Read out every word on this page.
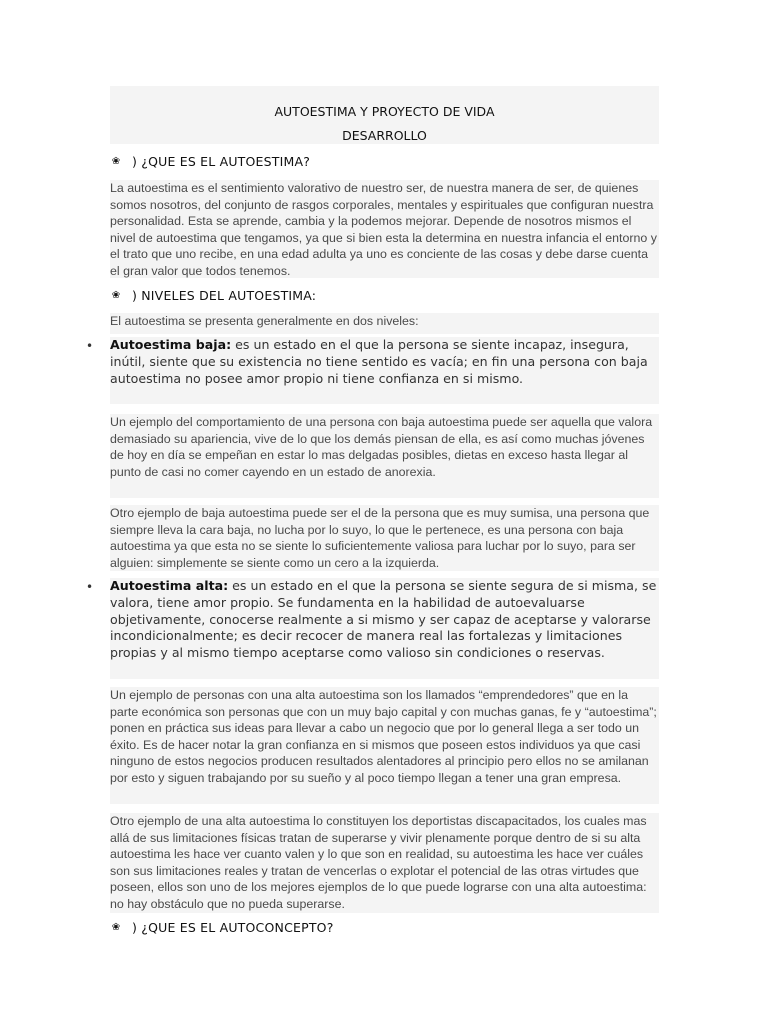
AUTOESTIMA Y PROYECTO DE VIDA
DESARROLLO
❀ ) ¿QUE ES EL AUTOESTIMA?

La autoestima es el sentimiento valorativo de nuestro ser, de nuestra manera de ser, de quienes somos nosotros, del conjunto de rasgos corporales, mentales y espirituales que configuran nuestra personalidad. Esta se aprende, cambia y la podemos mejorar. Depende de nosotros mismos el nivel de autoestima que tengamos, ya que si bien esta la determina en nuestra infancia el entorno y el trato que uno recibe, en una edad adulta ya uno es conciente de las cosas y debe darse cuenta el gran valor que todos tenemos.

❀ ) NIVELES DEL AUTOESTIMA:

El autoestima se presenta generalmente en dos niveles:

• Autoestima baja: es un estado en el que la persona se siente incapaz, insegura, inútil, siente que su existencia no tiene sentido es vacía; en fin una persona con baja autoestima no posee amor propio ni tiene confianza en si mismo.

Un ejemplo del comportamiento de una persona con baja autoestima puede ser aquella que valora demasiado su apariencia, vive de lo que los demás piensan de ella, es así como muchas jóvenes de hoy en día se empeñan en estar lo mas delgadas posibles, dietas en exceso hasta llegar al punto de casi no comer cayendo en un estado de anorexia.

Otro ejemplo de baja autoestima puede ser el de la persona que es muy sumisa, una persona que siempre lleva la cara baja, no lucha por lo suyo, lo que le pertenece, es una persona con baja autoestima ya que esta no se siente lo suficientemente valiosa para luchar por lo suyo, para ser alguien: simplemente se siente como un cero a la izquierda.

• Autoestima alta: es un estado en el que la persona se siente segura de si misma, se valora, tiene amor propio. Se fundamenta en la habilidad de autoevaluarse objetivamente, conocerse realmente a si mismo y ser capaz de aceptarse y valorarse incondicionalmente; es decir recocer de manera real las fortalezas y limitaciones propias y al mismo tiempo aceptarse como valioso sin condiciones o reservas.

Un ejemplo de personas con una alta autoestima son los llamados “emprendedores” que en la parte económica son personas que con un muy bajo capital y con muchas ganas, fe y “autoestima”; ponen en práctica sus ideas para llevar a cabo un negocio que por lo general llega a ser todo un éxito. Es de hacer notar la gran confianza en si mismos que poseen estos individuos ya que casi ninguno de estos negocios producen resultados alentadores al principio pero ellos no se amilanan por esto y siguen trabajando por su sueño y al poco tiempo llegan a tener una gran empresa.

Otro ejemplo de una alta autoestima lo constituyen los deportistas discapacitados, los cuales mas allá de sus limitaciones físicas tratan de superarse y vivir plenamente porque dentro de si su alta autoestima les hace ver cuanto valen y lo que son en realidad, su autoestima les hace ver cuáles son sus limitaciones reales y tratan de vencerlas o explotar el potencial de las otras virtudes que poseen, ellos son uno de los mejores ejemplos de lo que puede lograrse con una alta autoestima: no hay obstáculo que no pueda superarse.

❀ ) ¿QUE ES EL AUTOCONCEPTO?
